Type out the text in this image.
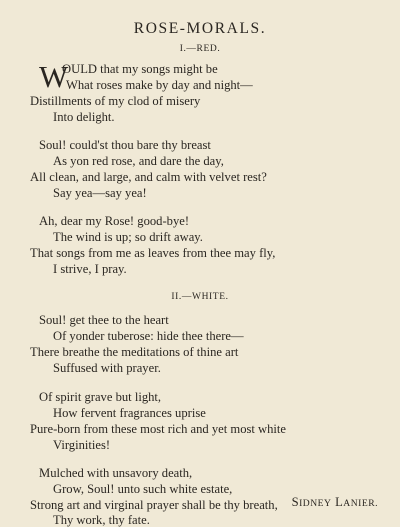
ROSE-MORALS.
I.—RED.
W
OULD that my songs might be
What roses make by day and night—
Distillments of my clod of misery
Into delight.
Soul! could'st thou bare thy breast
As yon red rose, and dare the day,
All clean, and large, and calm with velvet rest?
Say yea—say yea!
Ah, dear my Rose! good-bye!
The wind is up; so drift away.
That songs from me as leaves from thee may fly,
I strive, I pray.
II.—WHITE.
Soul! get thee to the heart
Of yonder tuberose: hide thee there—
There breathe the meditations of thine art
Suffused with prayer.
Of spirit grave but light,
How fervent fragrances uprise
Pure-born from these most rich and yet most white
Virginities!
Mulched with unsavory death,
Grow, Soul! unto such white estate,
Strong art and virginal prayer shall be thy breath,
Thy work, thy fate.
SIDNEY LANIER.
